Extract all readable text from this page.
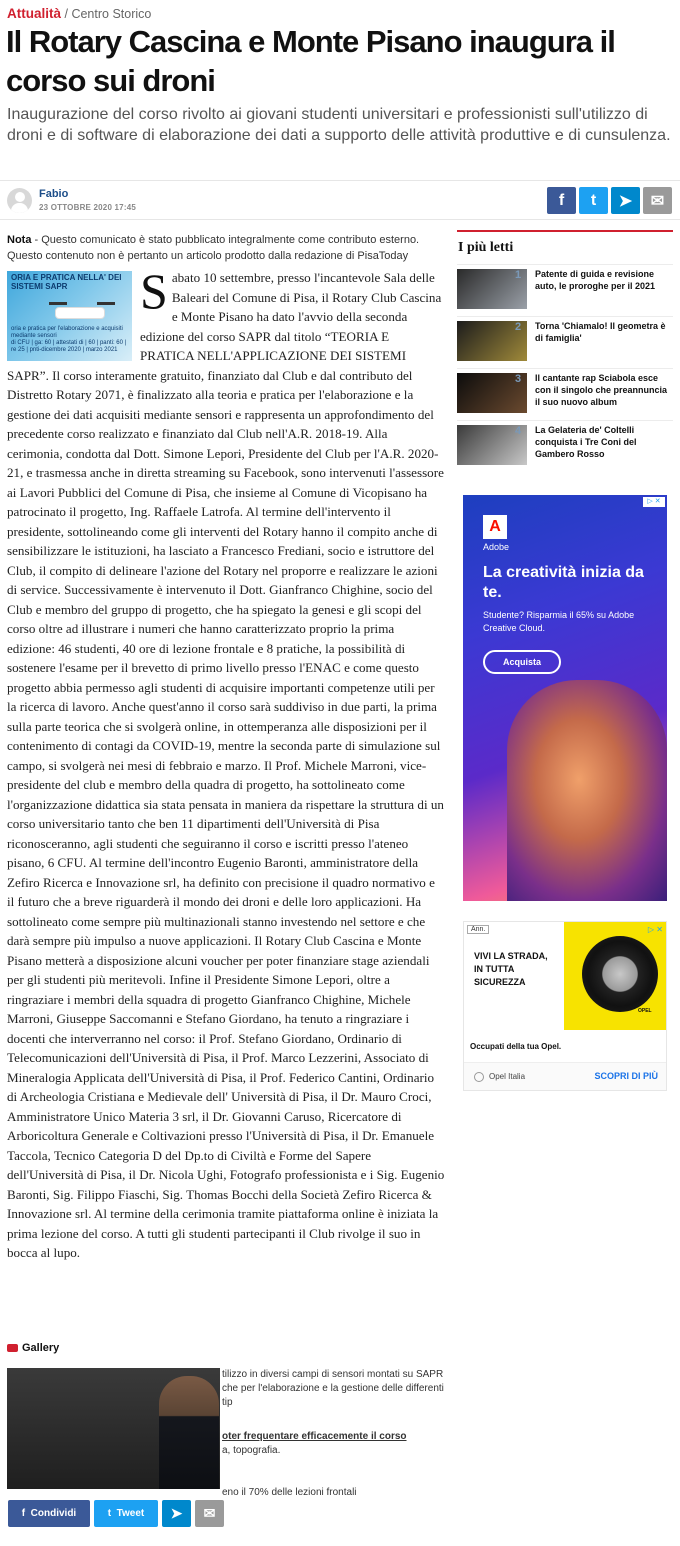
Attualità / Centro Storico
Il Rotary Cascina e Monte Pisano inaugura il corso sui droni

Inaugurazione del corso rivolto ai giovani studenti universitari e professionisti sull'utilizzo di droni e di software di elaborazione dei dati a supporto delle attività produttive e di cunsulenza.

Fabio
23 OTTOBRE 2020 17:45	f t ➤ ✉

Nota - Questo comunicato è stato pubblicato integralmente come contributo esterno. Questo contenuto non è pertanto un articolo prodotto dalla redazione di PisaToday

ORIA E PRATICA NELLA' DEI SISTEMI SAPR
oria e pratica per l'elaborazione e acquisiti mediante sensori
di CFU | ga: 60 | attestati di | 60 | panti: 60 | re 25 | pnti-dicembre 2020 | marzo 2021
S abato 10 settembre, presso l'incantevole Sala delle Baleari del Comune di Pisa, il Rotary Club Cascina e Monte Pisano ha dato l'avvio della seconda edizione del corso SAPR dal titolo “TEORIA E PRATICA NELL'APPLICAZIONE DEI SISTEMI SAPR”. Il corso interamente gratuito, finanziato dal Club e dal contributo del Distretto Rotary 2071, è finalizzato alla teoria e pratica per l'elaborazione e la gestione dei dati acquisiti mediante sensori e rappresenta un approfondimento del precedente corso realizzato e finanziato dal Club nell'A.R. 2018-19. Alla cerimonia, condotta dal Dott. Simone Lepori, Presidente del Club per l'A.R. 2020-21, e trasmessa anche in diretta streaming su Facebook, sono intervenuti l'assessore ai Lavori Pubblici del Comune di Pisa, che insieme al Comune di Vicopisano ha patrocinato il progetto, Ing. Raffaele Latrofa. Al termine dell'intervento il presidente, sottolineando come gli interventi del Rotary hanno il compito anche di sensibilizzare le istituzioni, ha lasciato a Francesco Frediani, socio e istruttore del Club, il compito di delineare l'azione del Rotary nel proporre e realizzare le azioni di service. Successivamente è intervenuto il Dott. Gianfranco Chighine, socio del Club e membro del gruppo di progetto, che ha spiegato la genesi e gli scopi del corso oltre ad illustrare i numeri che hanno caratterizzato proprio la prima edizione: 46 studenti, 40 ore di lezione frontale e 8 pratiche, la possibilità di sostenere l'esame per il brevetto di primo livello presso l'ENAC e come questo progetto abbia permesso agli studenti di acquisire importanti competenze utili per la ricerca di lavoro. Anche quest'anno il corso sarà suddiviso in due parti, la prima sulla parte teorica che si svolgerà online, in ottemperanza alle disposizioni per il contenimento di contagi da COVID-19, mentre la seconda parte di simulazione sul campo, si svolgerà nei mesi di febbraio e marzo. Il Prof. Michele Marroni, vice-presidente del club e membro della quadra di progetto, ha sottolineato come l'organizzazione didattica sia stata pensata in maniera da rispettare la struttura di un corso universitario tanto che ben 11 dipartimenti dell'Università di Pisa riconosceranno, agli studenti che seguiranno il corso e iscritti presso l'ateneo pisano, 6 CFU. Al termine dell'incontro Eugenio Baronti, amministratore della Zefiro Ricerca e Innovazione srl, ha definito con precisione il quadro normativo e il futuro che a breve riguarderà il mondo dei droni e delle loro applicazioni. Ha sottolineato come sempre più multinazionali stanno investendo nel settore e che darà sempre più impulso a nuove applicazioni. Il Rotary Club Cascina e Monte Pisano metterà a disposizione alcuni voucher per poter finanziare stage aziendali per gli studenti più meritevoli. Infine il Presidente Simone Lepori, oltre a ringraziare i membri della squadra di progetto Gianfranco Chighine, Michele Marroni, Giuseppe Saccomanni e Stefano Giordano, ha tenuto a ringraziare i docenti che interverranno nel corso: il Prof. Stefano Giordano, Ordinario di Telecomunicazioni dell'Università di Pisa, il Prof. Marco Lezzerini, Associato di Mineralogia Applicata dell'Università di Pisa, il Prof. Federico Cantini, Ordinario di Archeologia Cristiana e Medievale dell' Università di Pisa, il Dr. Mauro Croci, Amministratore Unico Materia 3 srl, il Dr. Giovanni Caruso, Ricercatore di Arboricoltura Generale e Coltivazioni presso l'Università di Pisa, il Dr. Emanuele Taccola, Tecnico Categoria D del Dp.to di Civiltà e Forme del Sapere dell'Università di Pisa, il Dr. Nicola Ughi, Fotografo professionista e i Sig. Eugenio Baronti, Sig. Filippo Fiaschi, Sig. Thomas Bocchi della Società Zefiro Ricerca & Innovazione srl. Al termine della cerimonia tramite piattaforma online è iniziata la prima lezione del corso. A tutti gli studenti partecipanti il Club rivolge il suo in bocca al lupo.
Gallery
tilizzo in diversi campi di sensori montati su SAPR
che per l'elaborazione e la gestione delle differenti tip
oter frequentare efficacemente il corso
a, topografia.
eno il 70% delle lezioni frontali
f Condividi	t Tweet ➤ ✉
I più letti
1 Patente di guida e revisione auto, le proroghe per il 2021
2 Torna 'Chiamalo! Il geometra è di famiglia'
3 Il cantante rap Sciabola esce con il singolo che preannuncia il suo nuovo album
4 La Gelateria de' Coltelli conquista i Tre Coni del Gambero Rosso
▷ ✕
A
Adobe
La creatività inizia da te.
Studente? Risparmia il 65% su Adobe Creative Cloud.
Acquista
OPEL
Ann.	▷ ✕
VIVI LA STRADA, IN TUTTA SICUREZZA
Occupati della tua Opel.
Opel Italia	SCOPRI DI PIÙ
